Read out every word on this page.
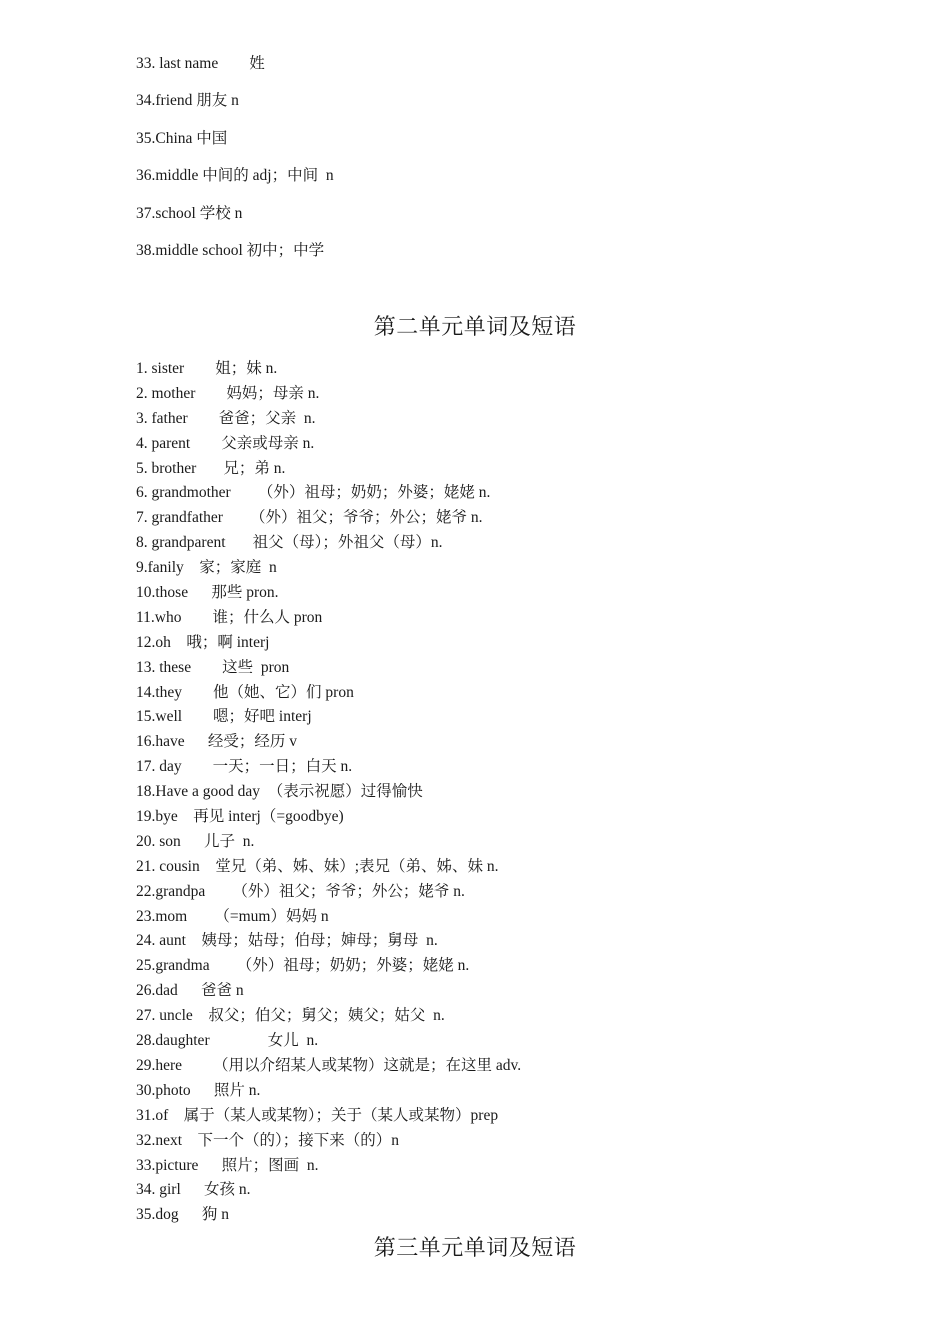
33. last name        姓
34.friend 朋友 n
35.China 中国
36.middle 中间的 adj；中间  n
37.school 学校 n
38.middle school 初中；中学
第二单元单词及短语
1. sister        姐；妹 n.
2. mother        妈妈；母亲 n.
3. father        爸爸；父亲  n.
4. parent        父亲或母亲 n.
5. brother       兄；弟 n.
6. grandmother       （外）祖母；奶奶；外婆；姥姥 n.
7. grandfather       （外）祖父；爷爷；外公；姥爷 n.
8. grandparent       祖父（母）；外祖父（母）n.
9.fanily    家；家庭  n
10.those      那些 pron.
11.who        谁；什么人 pron
12.oh    哦；啊 interj
13. these        这些  pron
14.they        他（她、它）们 pron
15.well        嗯；好吧 interj
16.have      经受；经历 v
17. day        一天；一日；白天 n.
18.Have a good day  （表示祝愿）过得愉快
19.bye    再见 interj（=goodbye)
20. son      儿子  n.
21. cousin    堂兄（弟、姊、妹）;表兄（弟、姊、妹 n.
22.grandpa       （外）祖父；爷爷；外公；姥爷 n.
23.mom       （=mum）妈妈 n
24. aunt    姨母；姑母；伯母；婶母；舅母  n.
25.grandma       （外）祖母；奶奶；外婆；姥姥 n.
26.dad      爸爸 n
27. uncle    叔父；伯父；舅父；姨父；姑父  n.
28.daughter               女儿  n.
29.here        （用以介绍某人或某物）这就是；在这里 adv.
30.photo      照片 n.
31.of    属于（某人或某物）；关于（某人或某物）prep
32.next    下一个（的）；接下来（的）n
33.picture      照片；图画  n.
34. girl      女孩 n.
35.dog      狗 n
第三单元单词及短语
